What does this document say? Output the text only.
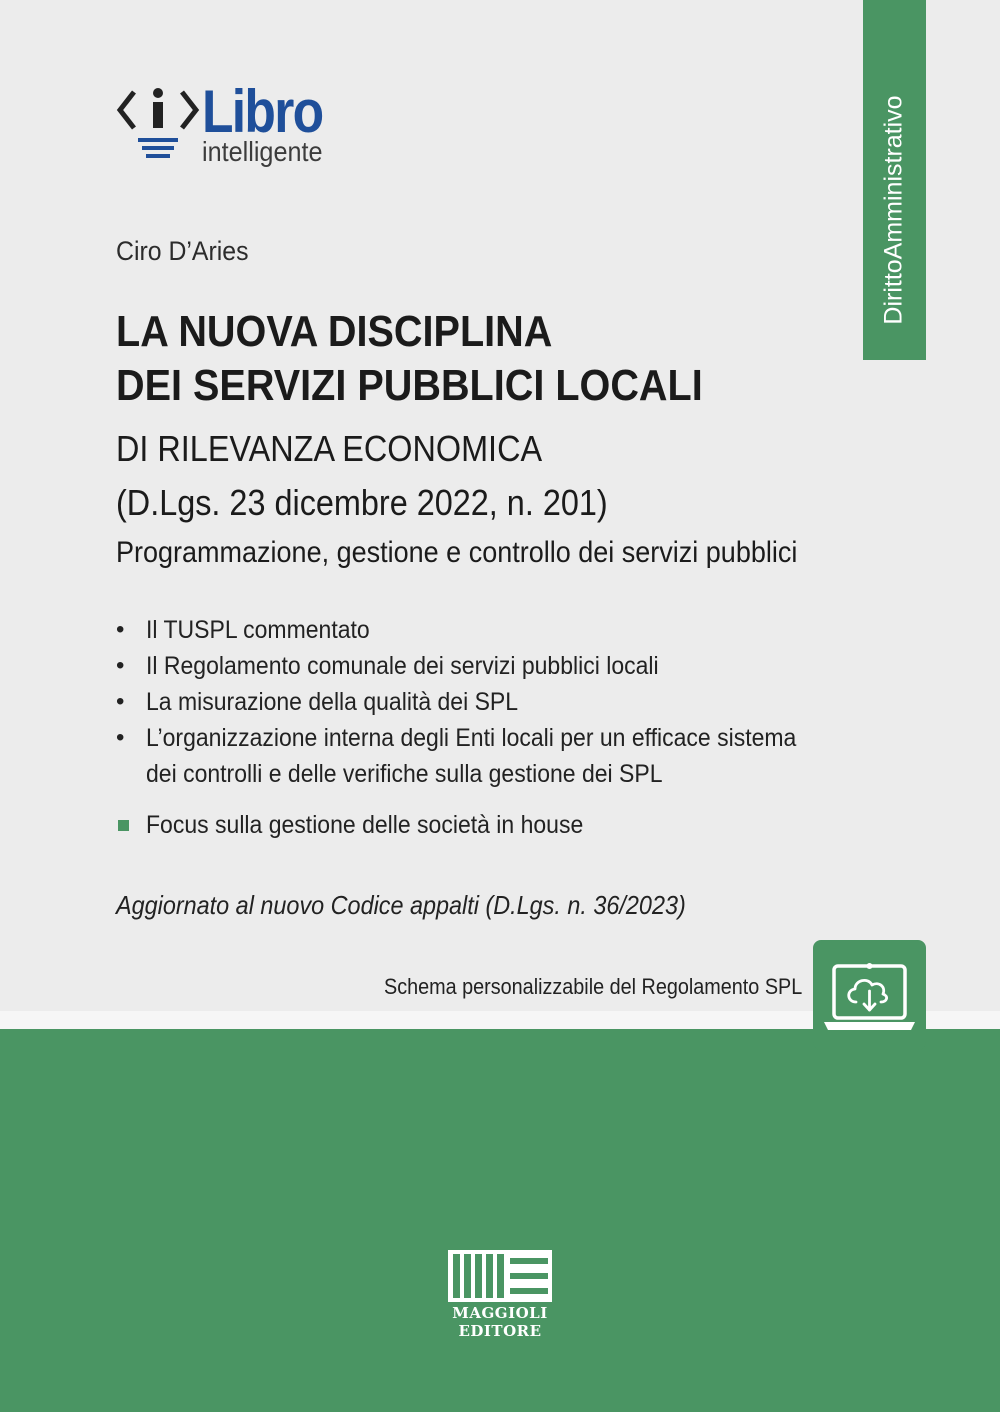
Libro
intelligente	DirittoAmministrativo
Ciro D’Aries
LA NUOVA DISCIPLINA
DEI SERVIZI PUBBLICI LOCALI
DI RILEVANZA ECONOMICA
(D.Lgs. 23 dicembre 2022, n. 201)
Programmazione, gestione e controllo dei servizi pubblici
• Il TUSPL commentato
• Il Regolamento comunale dei servizi pubblici locali
• La misurazione della qualità dei SPL
• L’organizzazione interna degli Enti locali per un efficace sistema
dei controlli e delle verifiche sulla gestione dei SPL
Focus sulla gestione delle società in house
Aggiornato al nuovo Codice appalti (D.Lgs. n. 36/2023)
Schema personalizzabile del Regolamento SPL
MAGGIOLI
EDITORE
